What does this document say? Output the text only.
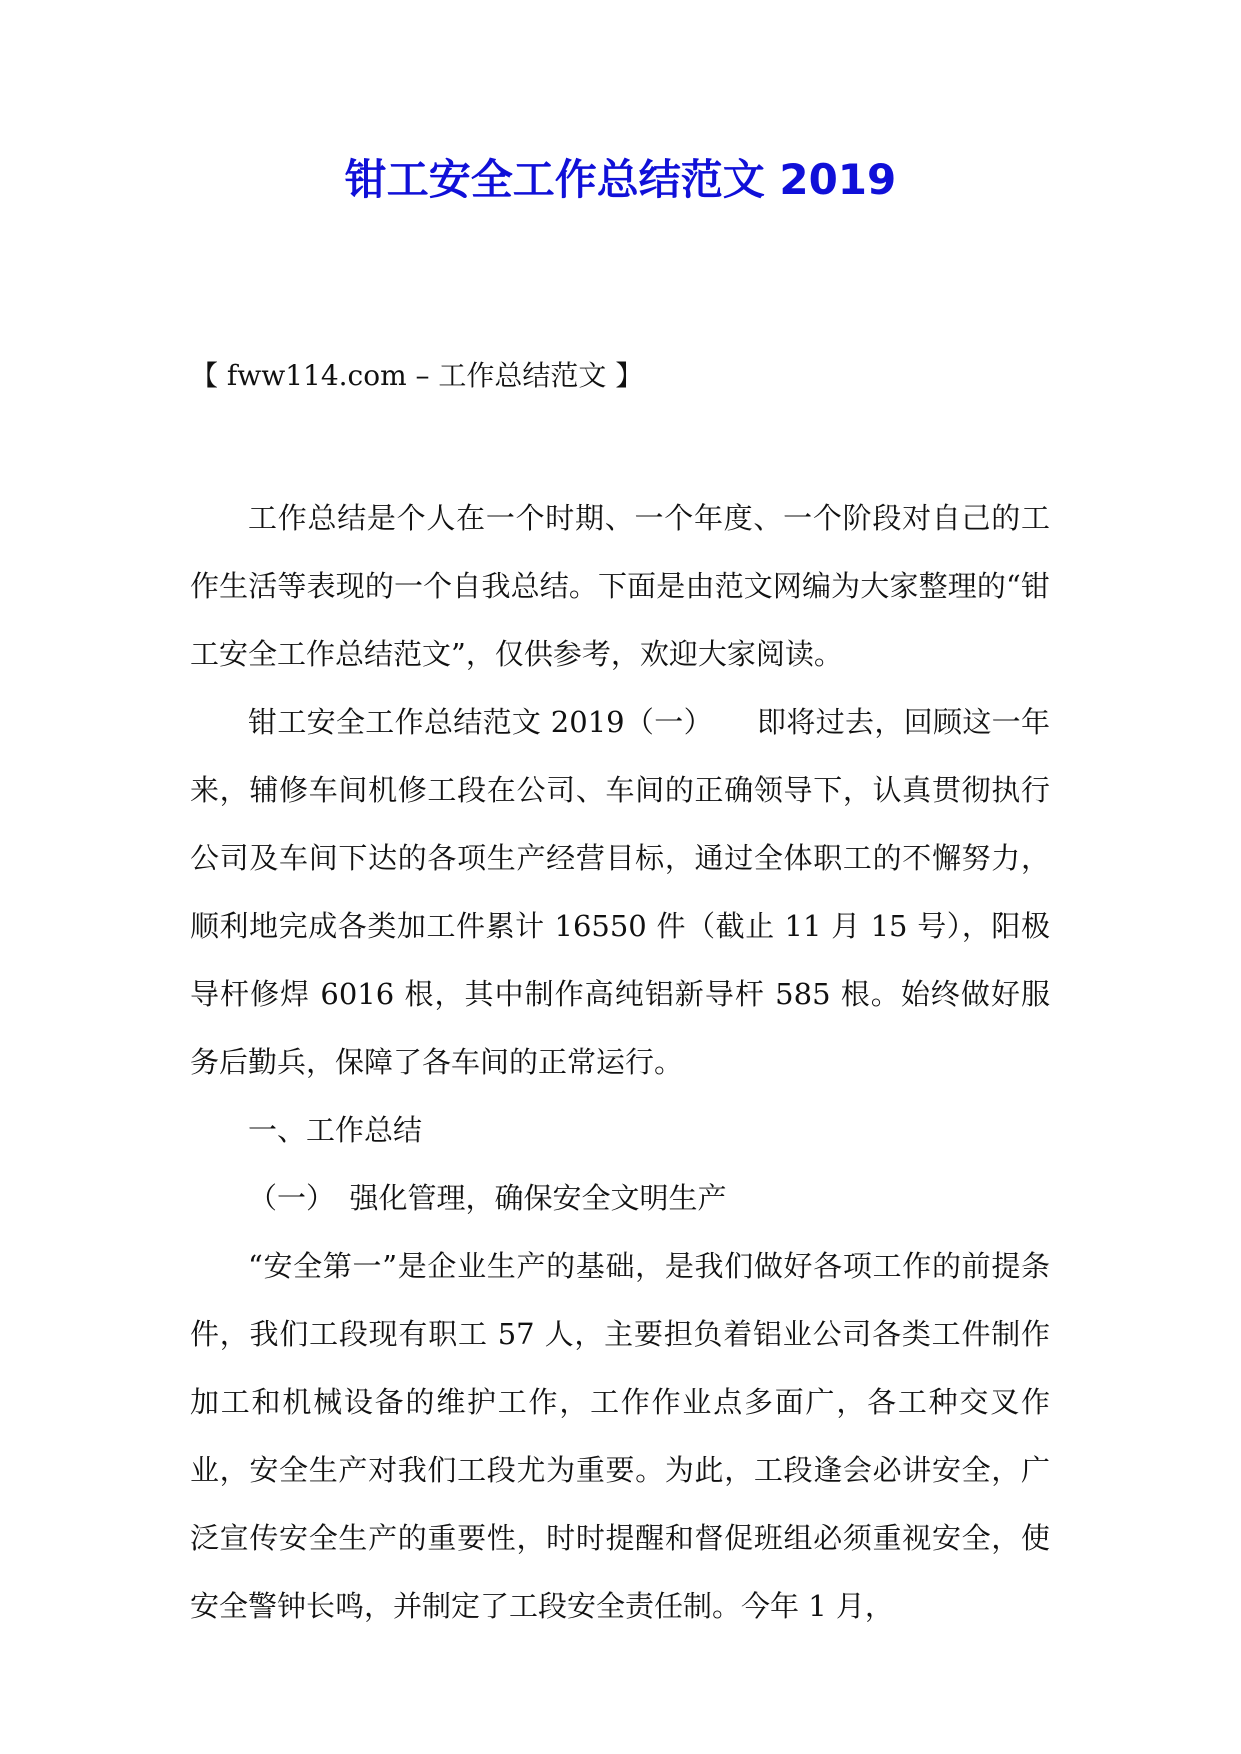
钳工安全工作总结范文 2019
【 fww114.com – 工作总结范文 】

工作总结是个人在一个时期、一个年度、一个阶段对自己的工作生活等表现的一个自我总结。下面是由范文网编为大家整理的“钳工安全工作总结范文”，仅供参考，欢迎大家阅读。

钳工安全工作总结范文 2019（一）　　即将过去，回顾这一年来，辅修车间机修工段在公司、车间的正确领导下，认真贯彻执行公司及车间下达的各项生产经营目标，通过全体职工的不懈努力，顺利地完成各类加工件累计 16550 件（截止 11 月 15 号），阳极导杆修焊 6016 根，其中制作高纯铝新导杆 585 根。始终做好服务后勤兵，保障了各车间的正常运行。

一、工作总结

（一）　强化管理，确保安全文明生产

“安全第一”是企业生产的基础，是我们做好各项工作的前提条件，我们工段现有职工 57 人，主要担负着铝业公司各类工件制作加工和机械设备的维护工作，工作作业点多面广，各工种交叉作业，安全生产对我们工段尤为重要。为此，工段逢会必讲安全，广泛宣传安全生产的重要性，时时提醒和督促班组必须重视安全，使安全警钟长鸣，并制定了工段安全责任制。今年 1 月，
